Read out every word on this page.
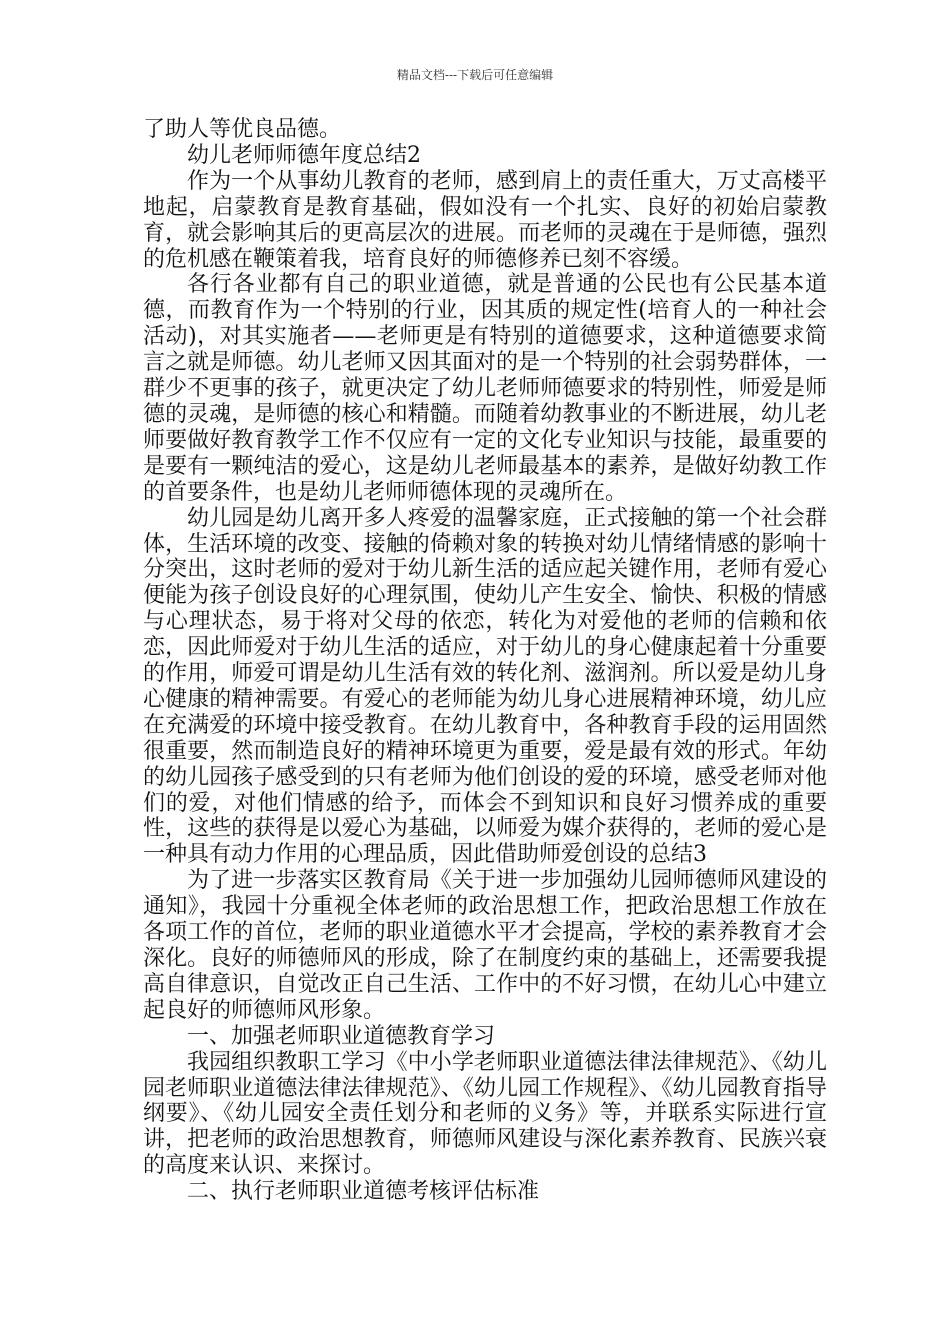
精品文档---下载后可任意编辑

了助人等优良品德。

幼儿老师师德年度总结2

作为一个从事幼儿教育的老师，感到肩上的责任重大，万丈高楼平地起，启蒙教育是教育基础，假如没有一个扎实、良好的初始启蒙教育，就会影响其后的更高层次的进展。而老师的灵魂在于是师德，强烈的危机感在鞭策着我，培育良好的师德修养已刻不容缓。

各行各业都有自己的职业道德，就是普通的公民也有公民基本道德，而教育作为一个特别的行业，因其质的规定性(培育人的一种社会活动)，对其实施者——老师更是有特别的道德要求，这种道德要求简言之就是师德。幼儿老师又因其面对的是一个特别的社会弱势群体，一群少不更事的孩子，就更决定了幼儿老师师德要求的特别性，师爱是师德的灵魂，是师德的核心和精髓。而随着幼教事业的不断进展，幼儿老师要做好教育教学工作不仅应有一定的文化专业知识与技能，最重要的是要有一颗纯洁的爱心，这是幼儿老师最基本的素养，是做好幼教工作的首要条件，也是幼儿老师师德体现的灵魂所在。

幼儿园是幼儿离开多人疼爱的温馨家庭，正式接触的第一个社会群体，生活环境的改变、接触的倚赖对象的转换对幼儿情绪情感的影响十分突出，这时老师的爱对于幼儿新生活的适应起关键作用，老师有爱心便能为孩子创设良好的心理氛围，使幼儿产生安全、愉快、积极的情感与心理状态，易于将对父母的依恋，转化为对爱他的老师的信赖和依恋，因此师爱对于幼儿生活的适应，对于幼儿的身心健康起着十分重要的作用，师爱可谓是幼儿生活有效的转化剂、滋润剂。所以爱是幼儿身心健康的精神需要。有爱心的老师能为幼儿身心进展精神环境，幼儿应在充满爱的环境中接受教育。在幼儿教育中，各种教育手段的运用固然很重要，然而制造良好的精神环境更为重要，爱是最有效的形式。年幼的幼儿园孩子感受到的只有老师为他们创设的爱的环境，感受老师对他们的爱，对他们情感的给予，而体会不到知识和良好习惯养成的重要性，这些的获得是以爱心为基础，以师爱为媒介获得的，老师的爱心是一种具有动力作用的心理品质，因此借助师爱创设的总结3

为了进一步落实区教育局《关于进一步加强幼儿园师德师风建设的通知》，我园十分重视全体老师的政治思想工作，把政治思想工作放在各项工作的首位，老师的职业道德水平才会提高，学校的素养教育才会深化。良好的师德师风的形成，除了在制度约束的基础上，还需要我提高自律意识，自觉改正自己生活、工作中的不好习惯，在幼儿心中建立起良好的师德师风形象。

一、加强老师职业道德教育学习

我园组织教职工学习《中小学老师职业道德法律法律规范》、《幼儿园老师职业道德法律法律规范》、《幼儿园工作规程》、《幼儿园教育指导纲要》、《幼儿园安全责任划分和老师的义务》等，并联系实际进行宣讲，把老师的政治思想教育，师德师风建设与深化素养教育、民族兴衰的高度来认识、来探讨。

二、执行老师职业道德考核评估标准
